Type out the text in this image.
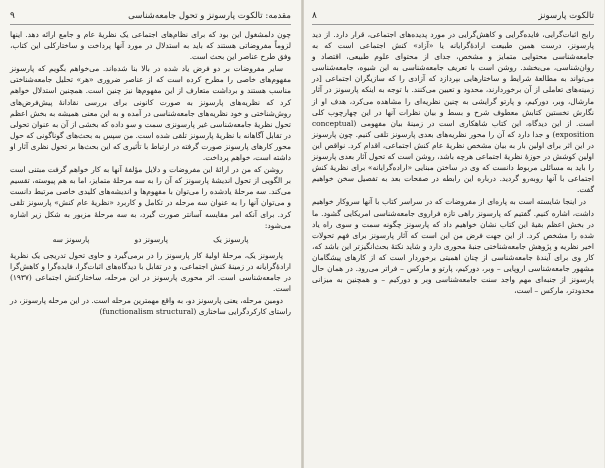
مقدمه: تالکوت پارسونز و تحول جامعه‌شناسی
۹

چون دلمشغول این بود که برای نظام‌های اجتماعی یک نظریهٔ عام و جامع ارائه دهد. اینها لزوماً مفروضاتی هستند که باید به استدلال در مورد آنها پرداخت و ساختارکلی این کتاب، وفق طرح عناصر این بحث است.

سایر مفروضات بر دو فرض یاد شده در بالا بنا شده‌اند. می‌خواهم بگویم که پارسونز مفهوم‌های خاصی را مطرح کرده است که از عناصر ضروری «هر» تحلیل جامعه‌شناختی مناسب هستند و برداشت متعارف از این مفهوم‌ها نیز چنین است. همچنین استدلال خواهم کرد که نظریه‌های پارسونز به صورت کانونی برای بررسی نقادانهٔ پیش‌فرض‌های روش‌شناختی و خود نظریه‌های جامعه‌شناسی در آمده و به این معنی همیشه به بخش اعظم تحول نظریهٔ جامعه‌شناسی غیر پارسونزی سمت و سو داده که بخشی از آن به عنوان تحولی در تقابل آگاهانه با نظریهٔ پارسونز تلقی شده است. من سپس به بحث‌های گوناگونی که حول محور کارهای پارسونز صورت گرفته در ارتباط با تأثیری که این بحث‌ها بر تحول نظری آثار او داشته است، خواهم پرداخت.

روشن که من در ارائهٔ این مفروضات و دلایل مؤلفهٔ آنها به کار خواهم گرفت مبتنی است بر الگویی از تحول اندیشهٔ پارسونز که آن را به سه مرحلهٔ متمایز، اما به هم پیوسته، تقسیم می‌کند. سه مرحلهٔ یادشده را می‌توان با مفهوم‌ها و اندیشه‌های کلیدی خاصی مرتبط دانست و می‌توان آنها را به عنوان سه مرحله در تکامل و کاربرد «نظریهٔ عام کنش» پارسونز تلقی کرد. برای آنکه امر مقایسه آسانتر صورت گیرد، به سه مرحلهٔ مزبور به شکل زیر اشاره می‌شود:

پارسونز یک
پارسونز دو
پارسونز سه

پارسونز یک، مرحلهٔ اولیهٔ کار پارسونز را در برمی‌گیرد و حاوی تحول تدریجی یک نظریهٔ ارادهٔ‌گرایانه در زمینهٔ کنش اجتماعی، و در تقابل با دیدگاه‌های اثبات‌گرا، فایده‌گرا و کاهش‌گرا در جامعه‌شناسی است. اثر محوری پارسونز در این مرحله، ساختارکنش اجتماعی (۱۹۳۷) است.

دومین مرحله، یعنی پارسونز دو، به واقع مهمترین مرحله است. در این مرحله پارسونز، در راستای کارکردگرایی ساختاری (functionalism structural)

تالکوت پارسونز
۸

رابج اثبات‌گرایی، فایده‌گرایی و کاهش‌گرایی در مورد پدیده‌های اجتماعی، قرار دارد. از دید پارسونز، درست همین طبیعت ارادهٔ‌گرایانه یا «آزاد» کنش اجتماعی است که به جامعه‌شناسی محتوایی متمایز و مشخص، جدای از محتوای علوم طبیعی، اقتصاد و روان‌شناسی، می‌بخشد. روشن است با تعریف جامعه‌شناسی به این شیوه، جامعه‌شناسی می‌تواند به مطالعهٔ شرایط و ساختارهایی بپردازد که آزادی را که سازیگران اجتماعی [در زمینه‌های تعاملی از آن برخوردارند، محدود و تعیین می‌کنند. با توجه به اینکه پارسونز در آثار مارشال، وبر، دورکیم، و پارتو گرایشی به چنین نظریه‌ای را مشاهده می‌کرد، هدف او از نگارش نخستین کتابش معطوف شرح و بسط و بیان نظرات آنها در این چهارچوب کلی است. از این دیدگاه، این کتاب شاهکاری است در زمینهٔ بیان مفهومی (conceptual exposition) و جدا دارد که آن را محور نظریه‌های بعدی پارسونز تلقی کنیم. چون پارسونز در این اثر برای اولین بار به بیان مشخص نظریهٔ عام کنش اجتماعی، اقدام کرد. نواقص این اولین کوشش در حوزهٔ نظریهٔ اجتماعی هرچه باشد، روشن است که تحول آثار بعدی پارسونز را باید به مسائلی مربوط دانست که وی در ساختن مبنایی «اراده‌گرایانه» برای نظریهٔ کنش اجتماعی با آنها روبه‌رو گردید. درباره این رابطه در صفحات بعد به تفصیل سخن خواهیم گفت.

در اینجا شایسته است به پاره‌ای از مفروضات که در سراسر کتاب با آنها سروکار خواهیم داشت، اشاره کنیم. گفتیم که پارسونز راهی تازه فراروی جامعه‌شناسی امریکایی گشود. ما در بخش اعظم بقیهٔ این کتاب نشان خواهیم داد که پارسونز چگونه سمت و سوی راه یاد شده را مشخص کرد. از این جهت فرض من این است که آثار پارسونز برای فهم تحولات اخیر نظریه و پژوهش جامعه‌شناختی جنبهٔ محوری دارد و شاید نکتهٔ بحث‌انگیزتر این باشد که، کار وی برای آیندهٔ جامعه‌شناسی از چنان اهمیتی برخوردار است که از کارهای پیشگامان مشهور جامعه‌شناسی اروپایی – وبر، دورکیم، پارتو و مارکس – فراتر می‌رود. در همان حال پارسونز از جنبه‌ای مهم واجد سنت جامعه‌شناسی وبر و دورکیم – و همچنین به میزانی محدودتر، مارکس – است،
